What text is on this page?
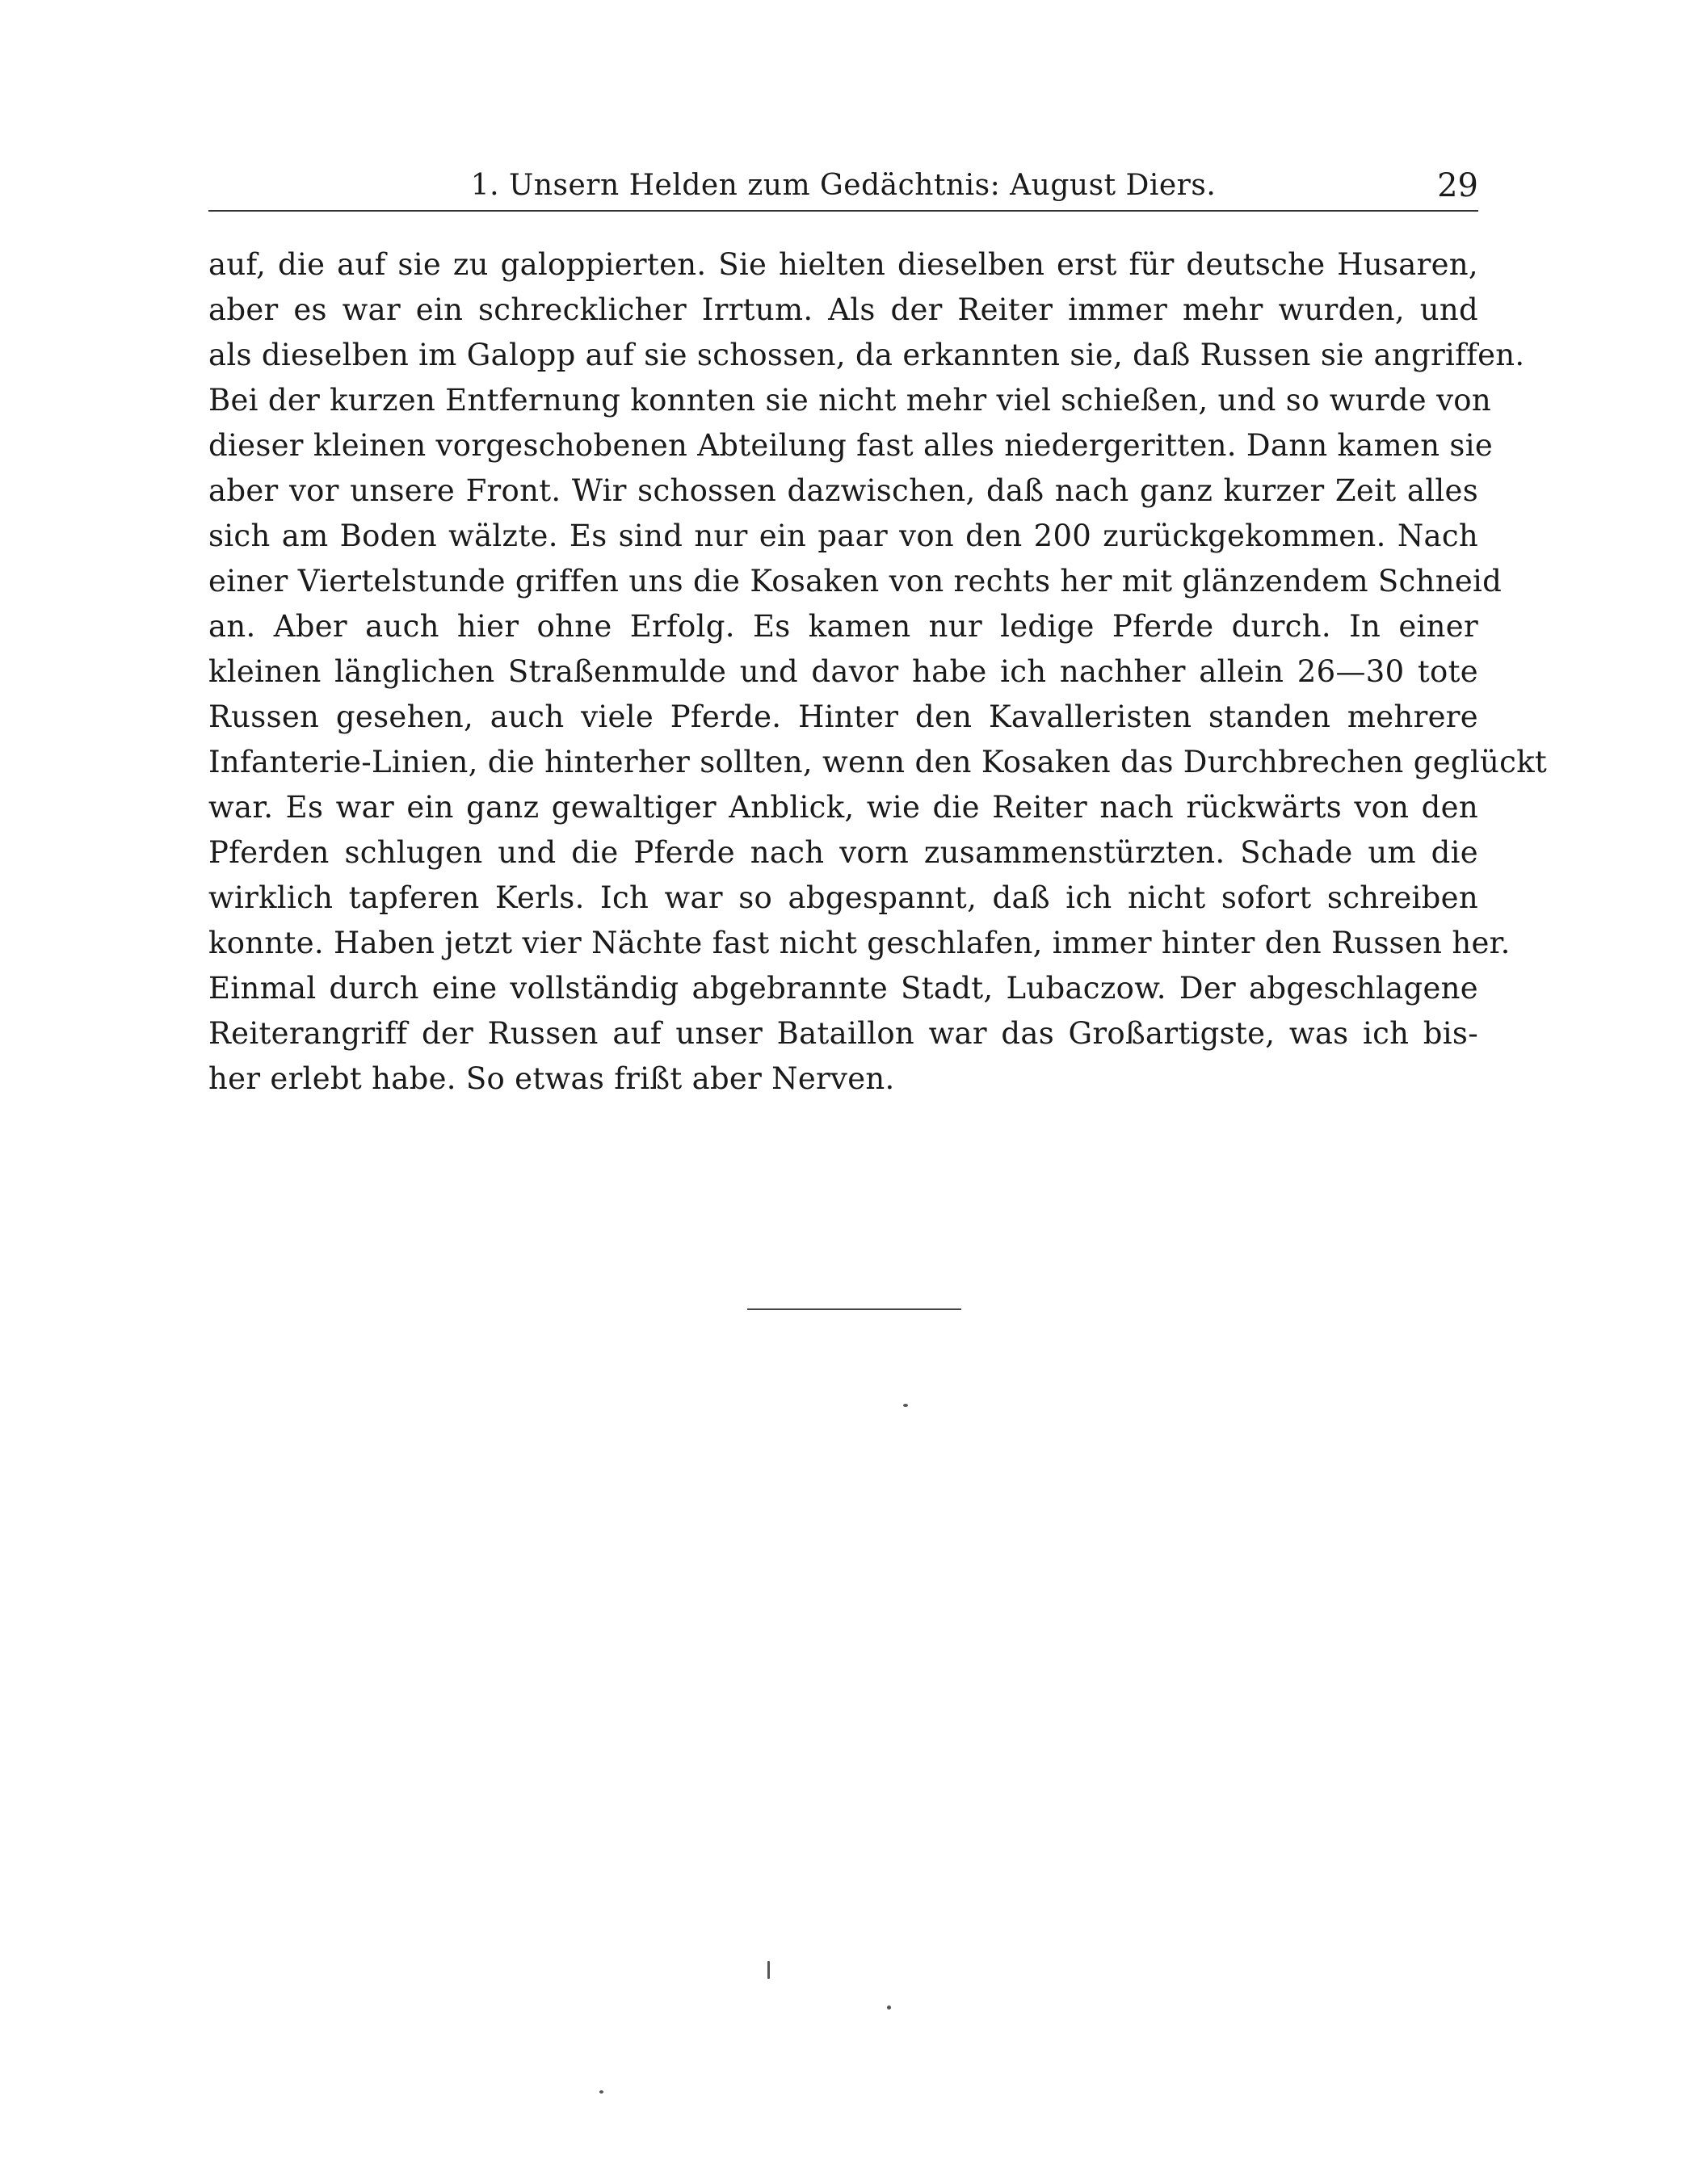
1. Unsern Helden zum Gedächtnis: August Diers.	29
auf, die auf sie zu galoppierten. Sie hielten dieselben erst für deutsche Husaren,
aber es war ein schrecklicher Irrtum. Als der Reiter immer mehr wurden, und
als dieselben im Galopp auf sie schossen, da erkannten sie, daß Russen sie angriffen.
Bei der kurzen Entfernung konnten sie nicht mehr viel schießen, und so wurde von
dieser kleinen vorgeschobenen Abteilung fast alles niedergeritten. Dann kamen sie
aber vor unsere Front. Wir schossen dazwischen, daß nach ganz kurzer Zeit alles
sich am Boden wälzte. Es sind nur ein paar von den 200 zurückgekommen. Nach
einer Viertelstunde griffen uns die Kosaken von rechts her mit glänzendem Schneid
an. Aber auch hier ohne Erfolg. Es kamen nur ledige Pferde durch. In einer
kleinen länglichen Straßenmulde und davor habe ich nachher allein 26—30 tote
Russen gesehen, auch viele Pferde. Hinter den Kavalleristen standen mehrere
Infanterie-Linien, die hinterher sollten, wenn den Kosaken das Durchbrechen geglückt
war. Es war ein ganz gewaltiger Anblick, wie die Reiter nach rückwärts von den
Pferden schlugen und die Pferde nach vorn zusammenstürzten. Schade um die
wirklich tapferen Kerls. Ich war so abgespannt, daß ich nicht sofort schreiben
konnte. Haben jetzt vier Nächte fast nicht geschlafen, immer hinter den Russen her.
Einmal durch eine vollständig abgebrannte Stadt, Lubaczow. Der abgeschlagene
Reiterangriff der Russen auf unser Bataillon war das Großartigste, was ich bis-
her erlebt habe. So etwas frißt aber Nerven.
